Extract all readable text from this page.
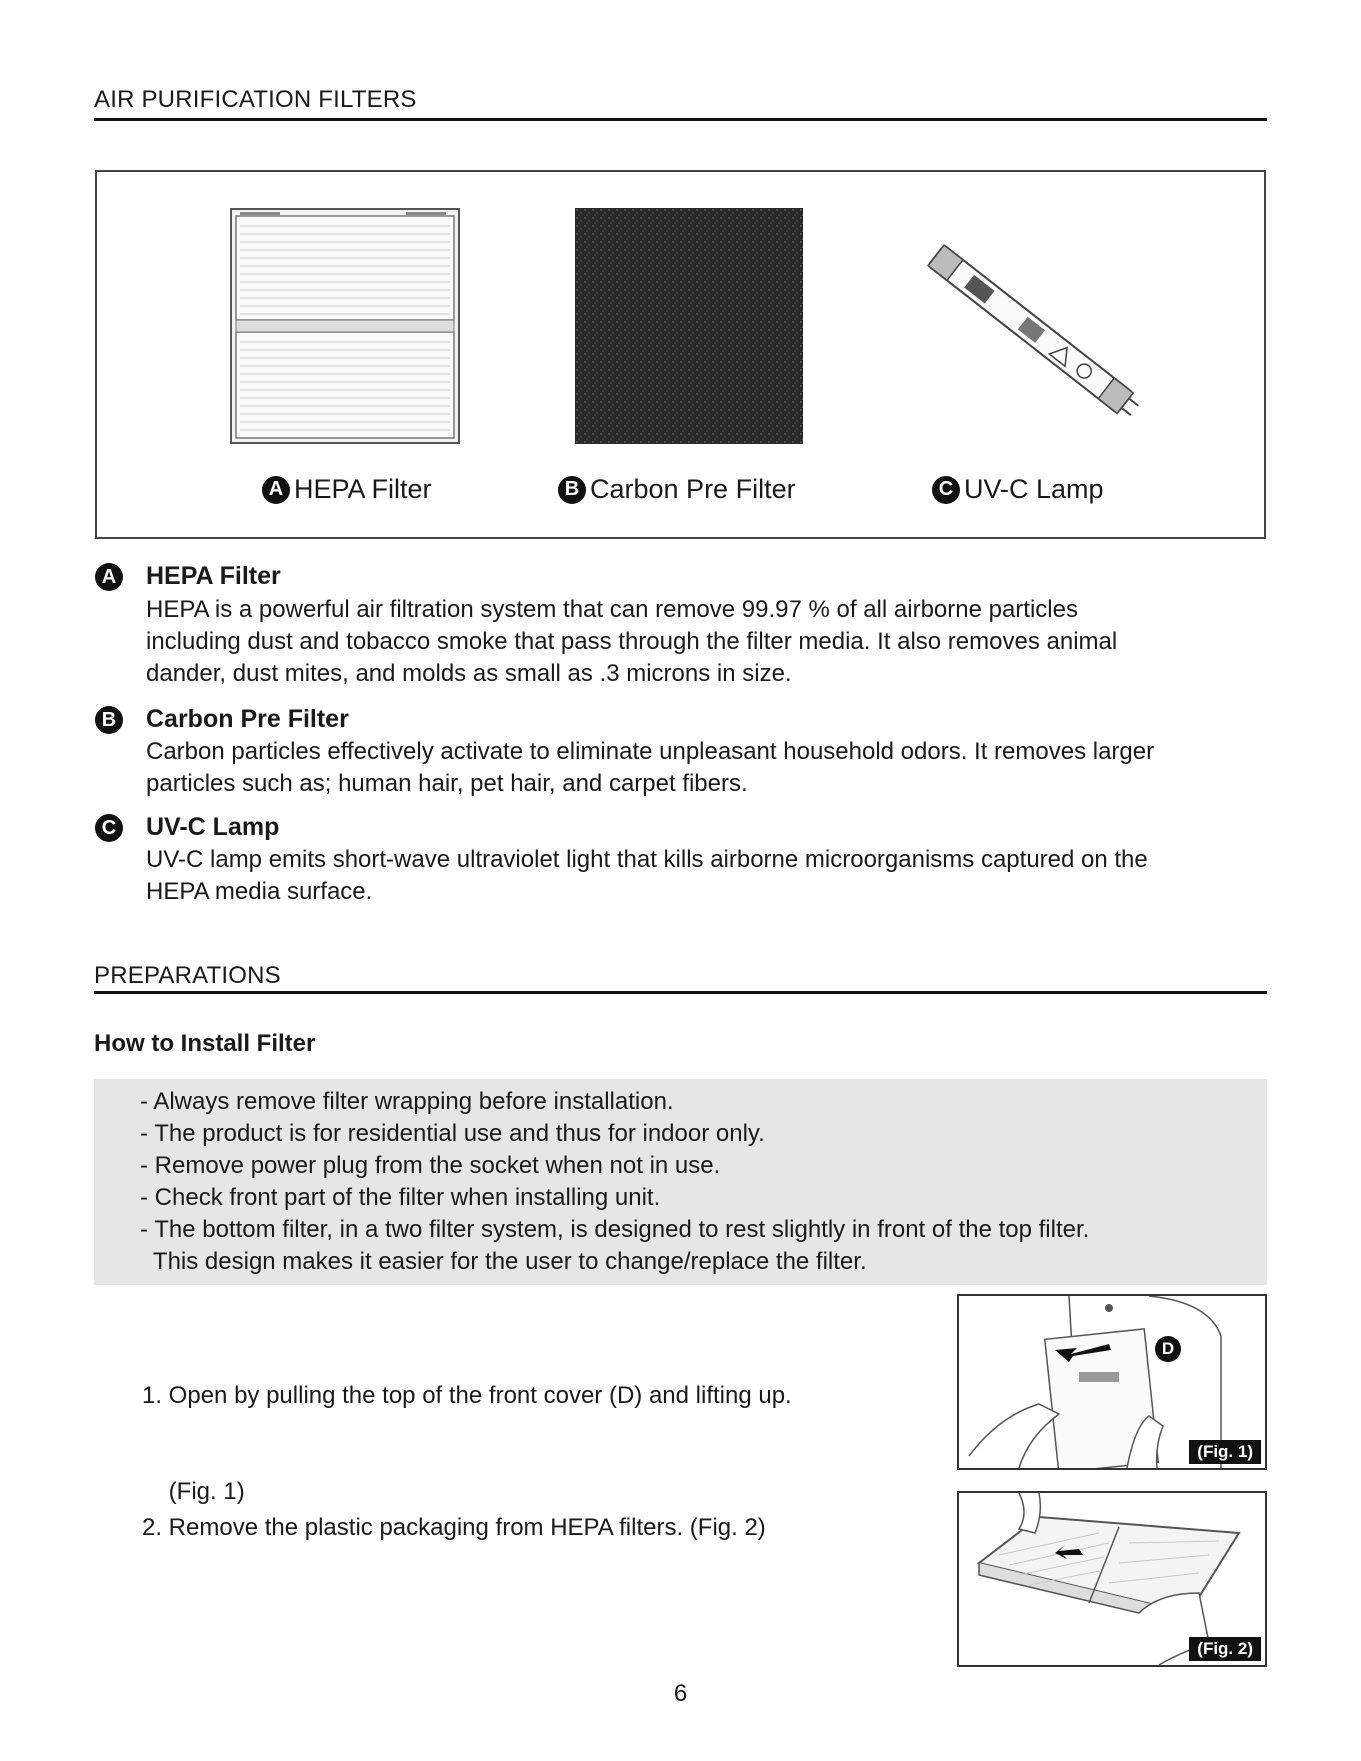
AIR PURIFICATION FILTERS
A HEPA Filter	B Carbon Pre Filter	C UV-C Lamp
A HEPA Filter
HEPA is a powerful air filtration system that can remove 99.97 % of all airborne particles
including dust and tobacco smoke that pass through the filter media. It also removes animal
dander, dust mites, and molds as small as .3 microns in size.
B Carbon Pre Filter
Carbon particles effectively activate to eliminate unpleasant household odors. It removes larger
particles such as; human hair, pet hair, and carpet fibers.
C UV-C Lamp
UV-C lamp emits short-wave ultraviolet light that kills airborne microorganisms captured on the
HEPA media surface.
PREPARATIONS
How to Install Filter
- Always remove filter wrapping before installation.
- The product is for residential use and thus for indoor only.
- Remove power plug from the socket when not in use.
- Check front part of the filter when installing unit.
- The bottom filter, in a two filter system, is designed to rest slightly in front of the top filter.
This design makes it easier for the user to change/replace the filter.

1. Open by pulling the top of the front cover (D) and lifting up.

(Fig. 1)

2. Remove the plastic packaging from HEPA filters. (Fig. 2)
D
(Fig. 1)
(Fig. 2)
6
